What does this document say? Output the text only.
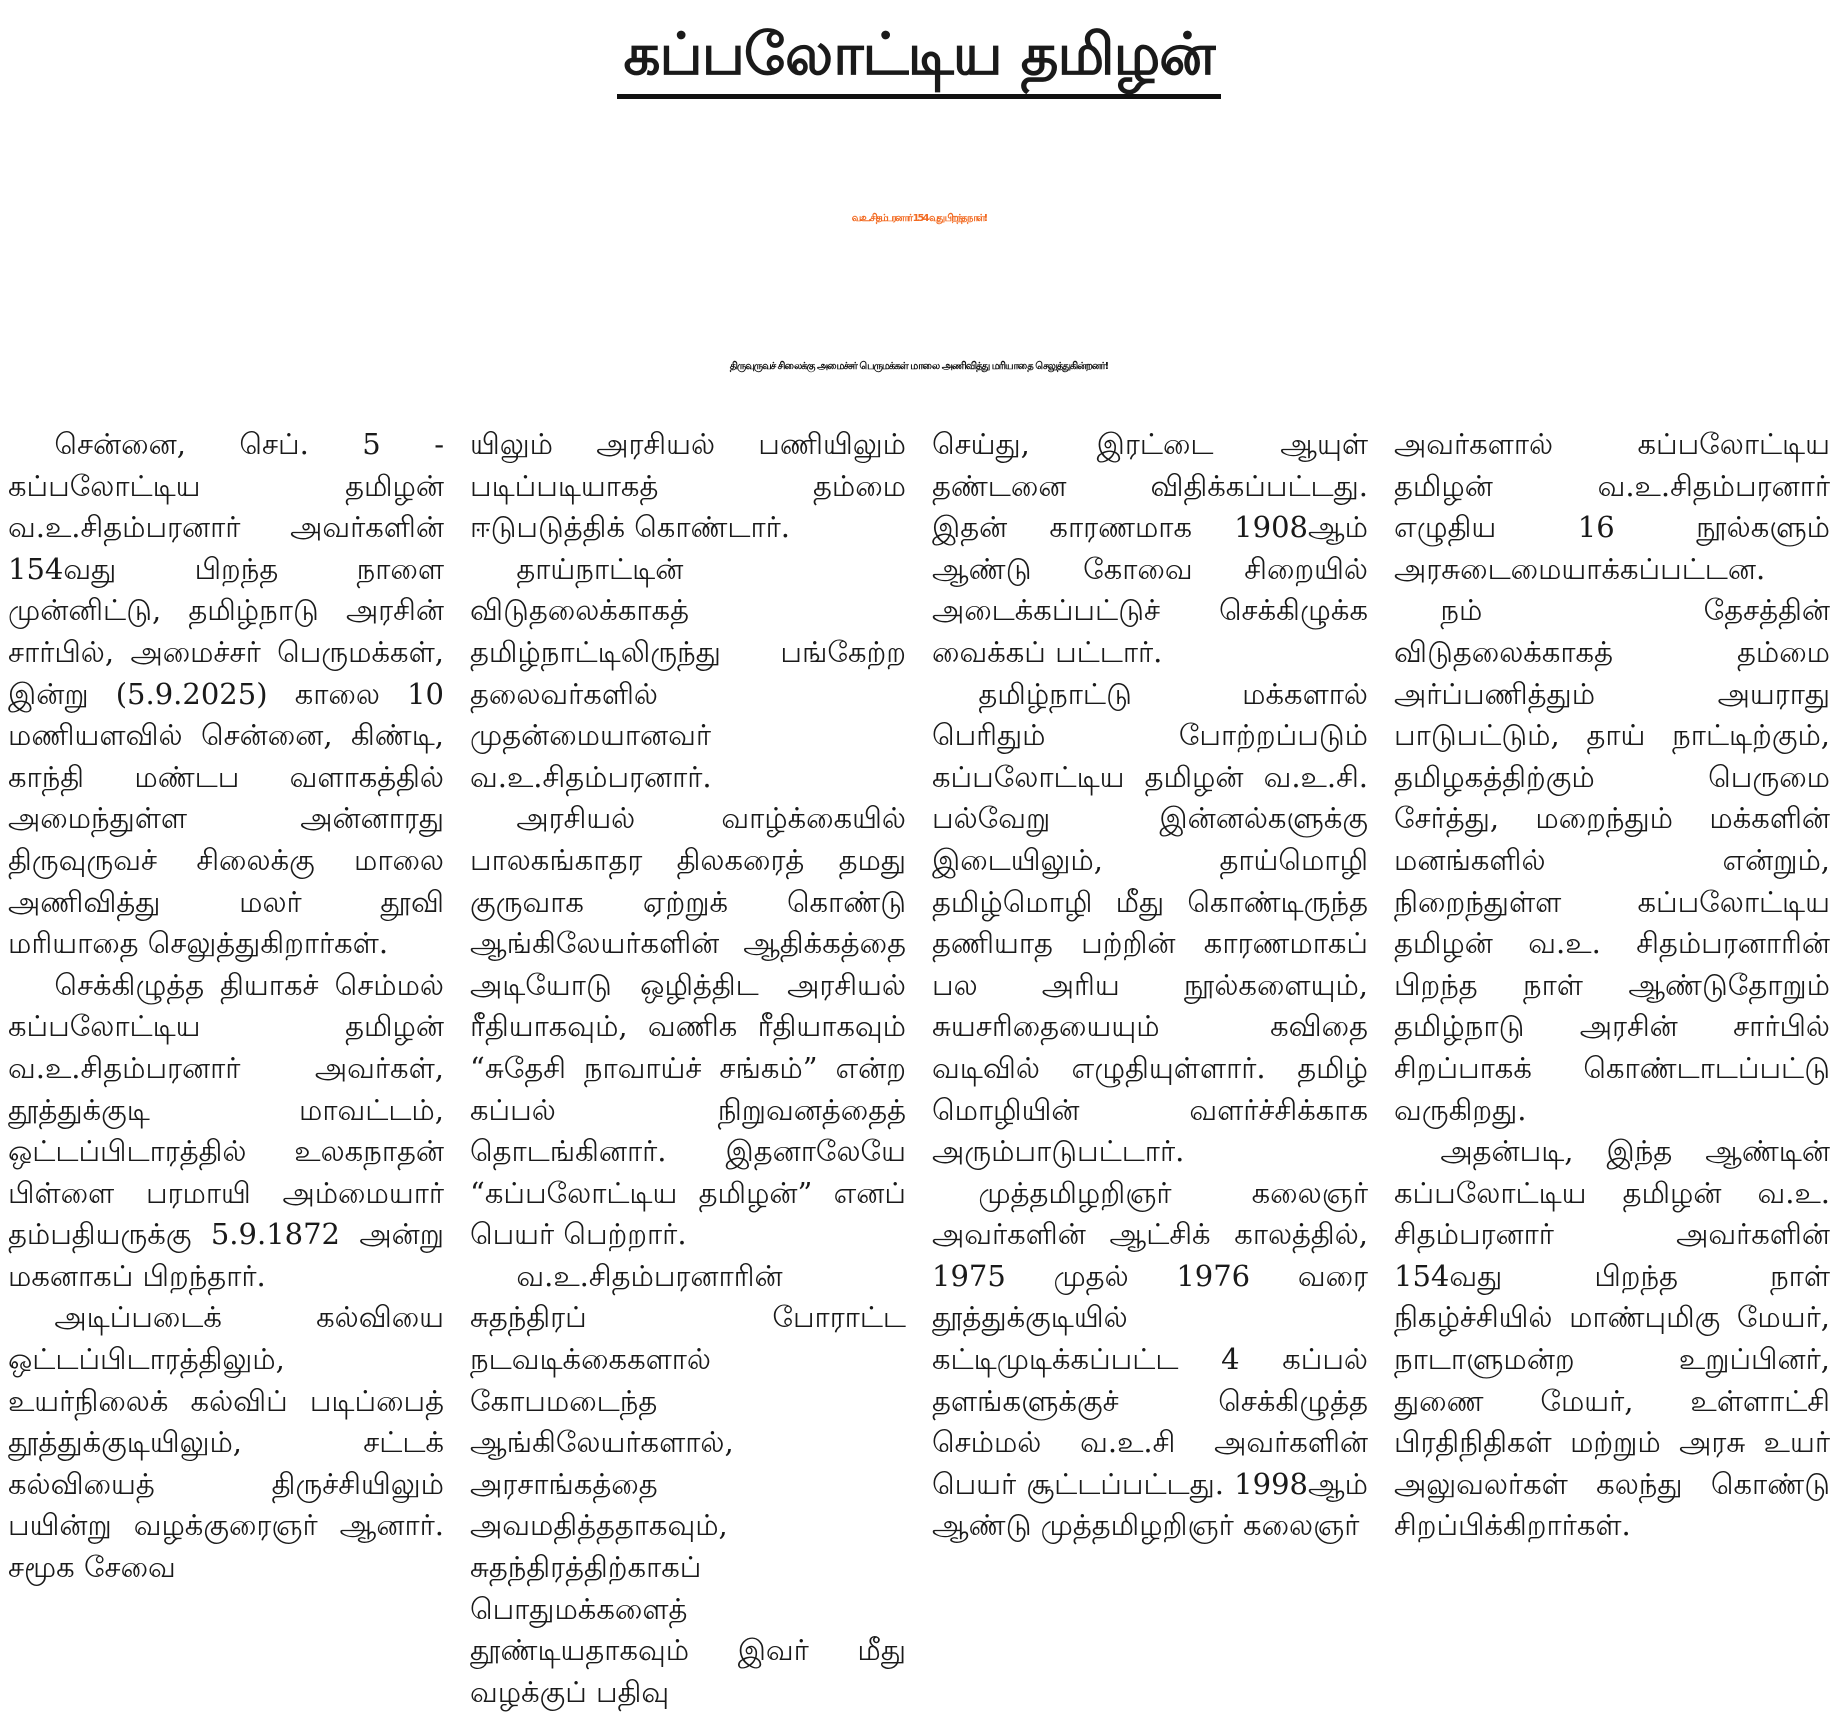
கப்பலோட்டிய தமிழன்
வ.உ.சிதம்பரனார் 154 வது பிறந்த நாள்!
திருவுருவச் சிலைக்கு அமைச்சர் பெருமக்கள் மாலை அணிவித்து மரியாதை செலுத்துகின்றனர்!

சென்னை, செப். 5 - கப்பலோட்டிய தமிழன் வ.உ.சிதம்பரனார் அவர்களின் 154வது பிறந்த நாளை முன்னிட்டு, தமிழ்நாடு அரசின் சார்பில், அமைச்சர் பெருமக்கள், இன்று (5.9.2025) காலை 10 மணியளவில் சென்னை, கிண்டி, காந்தி மண்டப வளாகத்தில் அமைந்துள்ள அன்னாரது திருவுருவச் சிலைக்கு மாலை அணிவித்து மலர் தூவி மரியாதை செலுத்துகிறார்கள்.

செக்கிழுத்த தியாகச் செம்மல் கப்பலோட்டிய தமிழன் வ.உ.சிதம்பரனார் அவர்கள், தூத்துக்குடி மாவட்டம், ஒட்டப்பிடாரத்தில் உலகநாதன் பிள்ளை பரமாயி அம்மையார் தம்பதியருக்கு 5.9.1872 அன்று மகனாகப் பிறந்தார்.

அடிப்படைக் கல்வியை ஒட்டப்பிடாரத்திலும், உயர்நிலைக் கல்விப் படிப்பைத் தூத்துக்குடியிலும், சட்டக் கல்வியைத் திருச்சியிலும் பயின்று வழக்குரைஞர் ஆனார். சமூக சேவை

யிலும் அரசியல் பணியிலும் படிப்படியாகத் தம்மை ஈடுபடுத்திக் கொண்டார்.

தாய்நாட்டின் விடுதலைக்காகத் தமிழ்நாட்டிலிருந்து பங்கேற்ற தலைவர்களில் முதன்மையானவர் வ.உ.சிதம்பரனார்.

அரசியல் வாழ்க்கையில் பாலகங்காதர திலகரைத் தமது குருவாக ஏற்றுக் கொண்டு ஆங்கிலேயர்களின் ஆதிக்கத்தை அடியோடு ஒழித்திட அரசியல் ரீதியாகவும், வணிக ரீதியாகவும் “சுதேசி நாவாய்ச் சங்கம்” என்ற கப்பல் நிறுவனத்தைத் தொடங்கினார். இதனாலேயே “கப்பலோட்டிய தமிழன்” எனப் பெயர் பெற்றார்.

வ.உ.சிதம்பரனாரின் சுதந்திரப் போராட்ட நடவடிக்கைகளால் கோபமடைந்த ஆங்கிலேயர்களால், அரசாங்கத்தை அவமதித்ததாகவும், சுதந்திரத்திற்காகப் பொதுமக்களைத் தூண்டியதாகவும் இவர் மீது வழக்குப் பதிவு

செய்து, இரட்டை ஆயுள் தண்டனை விதிக்கப்பட்டது. இதன் காரணமாக 1908ஆம் ஆண்டு கோவை சிறையில் அடைக்கப்பட்டுச் செக்கிழுக்க வைக்கப் பட்டார்.

தமிழ்நாட்டு மக்களால் பெரிதும் போற்றப்படும் கப்பலோட்டிய தமிழன் வ.உ.சி. பல்வேறு இன்னல்களுக்கு இடையிலும், தாய்மொழி தமிழ்மொழி மீது கொண்டிருந்த தணியாத பற்றின் காரணமாகப் பல அரிய நூல்களையும், சுயசரிதையையும் கவிதை வடிவில் எழுதியுள்ளார். தமிழ் மொழியின் வளர்ச்சிக்காக அரும்பாடுபட்டார்.

முத்தமிழறிஞர் கலைஞர் அவர்களின் ஆட்சிக் காலத்தில், 1975 முதல் 1976 வரை தூத்துக்குடியில் கட்டிமுடிக்கப்பட்ட 4 கப்பல் தளங்களுக்குச் செக்கிழுத்த செம்மல் வ.உ.சி அவர்களின் பெயர் சூட்டப்பட்டது. 1998ஆம் ஆண்டு முத்தமிழறிஞர் கலைஞர்

அவர்களால் கப்பலோட்டிய தமிழன் வ.உ.சிதம்பரனார் எழுதிய 16 நூல்களும் அரசுடைமையாக்கப்பட்டன.

நம் தேசத்தின் விடுதலைக்காகத் தம்மை அர்ப்பணித்தும் அயராது பாடுபட்டும், தாய் நாட்டிற்கும், தமிழகத்திற்கும் பெருமை சேர்த்து, மறைந்தும் மக்களின் மனங்களில் என்றும், நிறைந்துள்ள கப்பலோட்டிய தமிழன் வ.உ. சிதம்பரனாரின் பிறந்த நாள் ஆண்டுதோறும் தமிழ்நாடு அரசின் சார்பில் சிறப்பாகக் கொண்டாடப்பட்டு வருகிறது.

அதன்படி, இந்த ஆண்டின் கப்பலோட்டிய தமிழன் வ.உ. சிதம்பரனார் அவர்களின் 154வது பிறந்த நாள் நிகழ்ச்சியில் மாண்புமிகு மேயர், நாடாளுமன்ற உறுப்பினர், துணை மேயர், உள்ளாட்சி பிரதிநிதிகள் மற்றும் அரசு உயர் அலுவலர்கள் கலந்து கொண்டு சிறப்பிக்கிறார்கள்.
